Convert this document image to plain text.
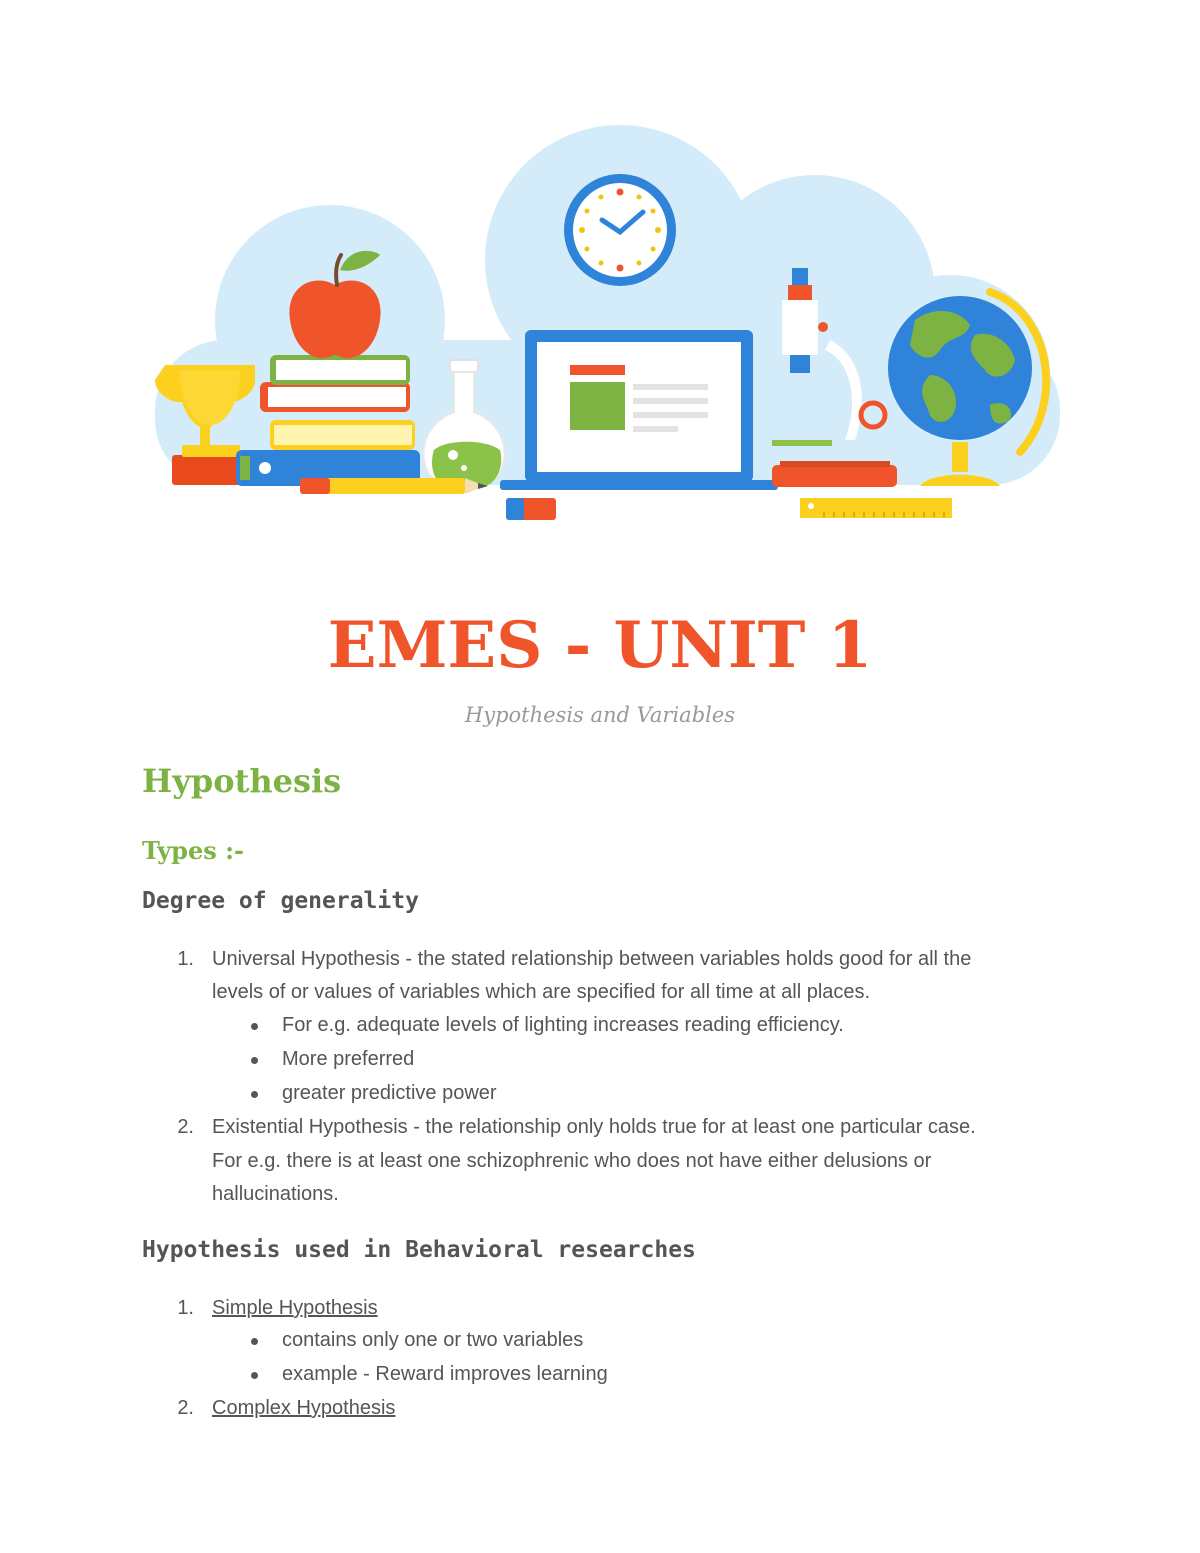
EMES - UNIT 1

Hypothesis and Variables

Hypothesis
Types :-
Degree of generality
1. Universal Hypothesis - the stated relationship between variables holds good for all the

levels of or values of variables which are specified for all time at all places.

For e.g. adequate levels of lighting increases reading efficiency.

More preferred

greater predictive power

2. Existential Hypothesis - the relationship only holds true for at least one particular case.

For e.g. there is at least one schizophrenic who does not have either delusions or

hallucinations.

Hypothesis used in Behavioral researches
1. Simple Hypothesis

contains only one or two variables

example - Reward improves learning

2. Complex Hypothesis
